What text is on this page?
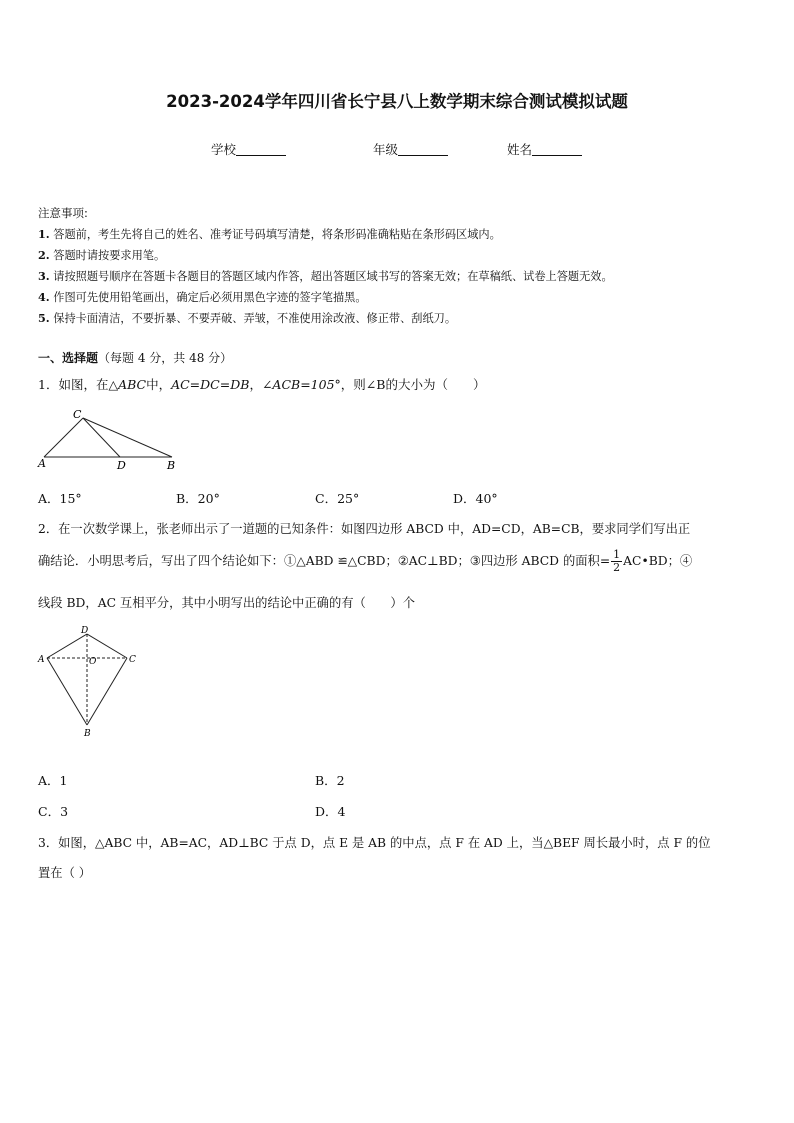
2023-2024学年四川省长宁县八上数学期末综合测试模拟试题
学校	年级	姓名
注意事项:
1. 答题前，考生先将自己的姓名、准考证号码填写清楚，将条形码准确粘贴在条形码区域内。
2. 答题时请按要求用笔。
3. 请按照题号顺序在答题卡各题目的答题区域内作答，超出答题区域书写的答案无效；在草稿纸、试卷上答题无效。
4. 作图可先使用铅笔画出，确定后必须用黑色字迹的签字笔描黑。
5. 保持卡面清洁，不要折暴、不要弄破、弄皱，不准使用涂改液、修正带、刮纸刀。
一、选择题（每题 4 分，共 48 分）
1．如图，在△ABC中，AC=DC=DB，∠ACB=105°，则∠B的大小为（　　）
C
A	D	B
A．15°	B．20°	C．25°	D．40°
2．在一次数学课上，张老师出示了一道题的已知条件：如图四边形 ABCD 中，AD=CD，AB=CB，要求同学们写出正
确结论．小明思考后，写出了四个结论如下：①△ABD ≌△CBD；②AC⊥BD；③四边形 ABCD 的面积= $\frac{1}{2}$ AC•BD；④
线段 BD，AC 互相平分，其中小明写出的结论中正确的有（　　）个
D
A	O	C
B
A．1	B．2
C．3	D．4
3．如图，△ABC 中，AB=AC，AD⊥BC 于点 D，点 E 是 AB 的中点，点 F 在 AD 上，当△BEF 周长最小时，点 F 的位
置在（ ）
